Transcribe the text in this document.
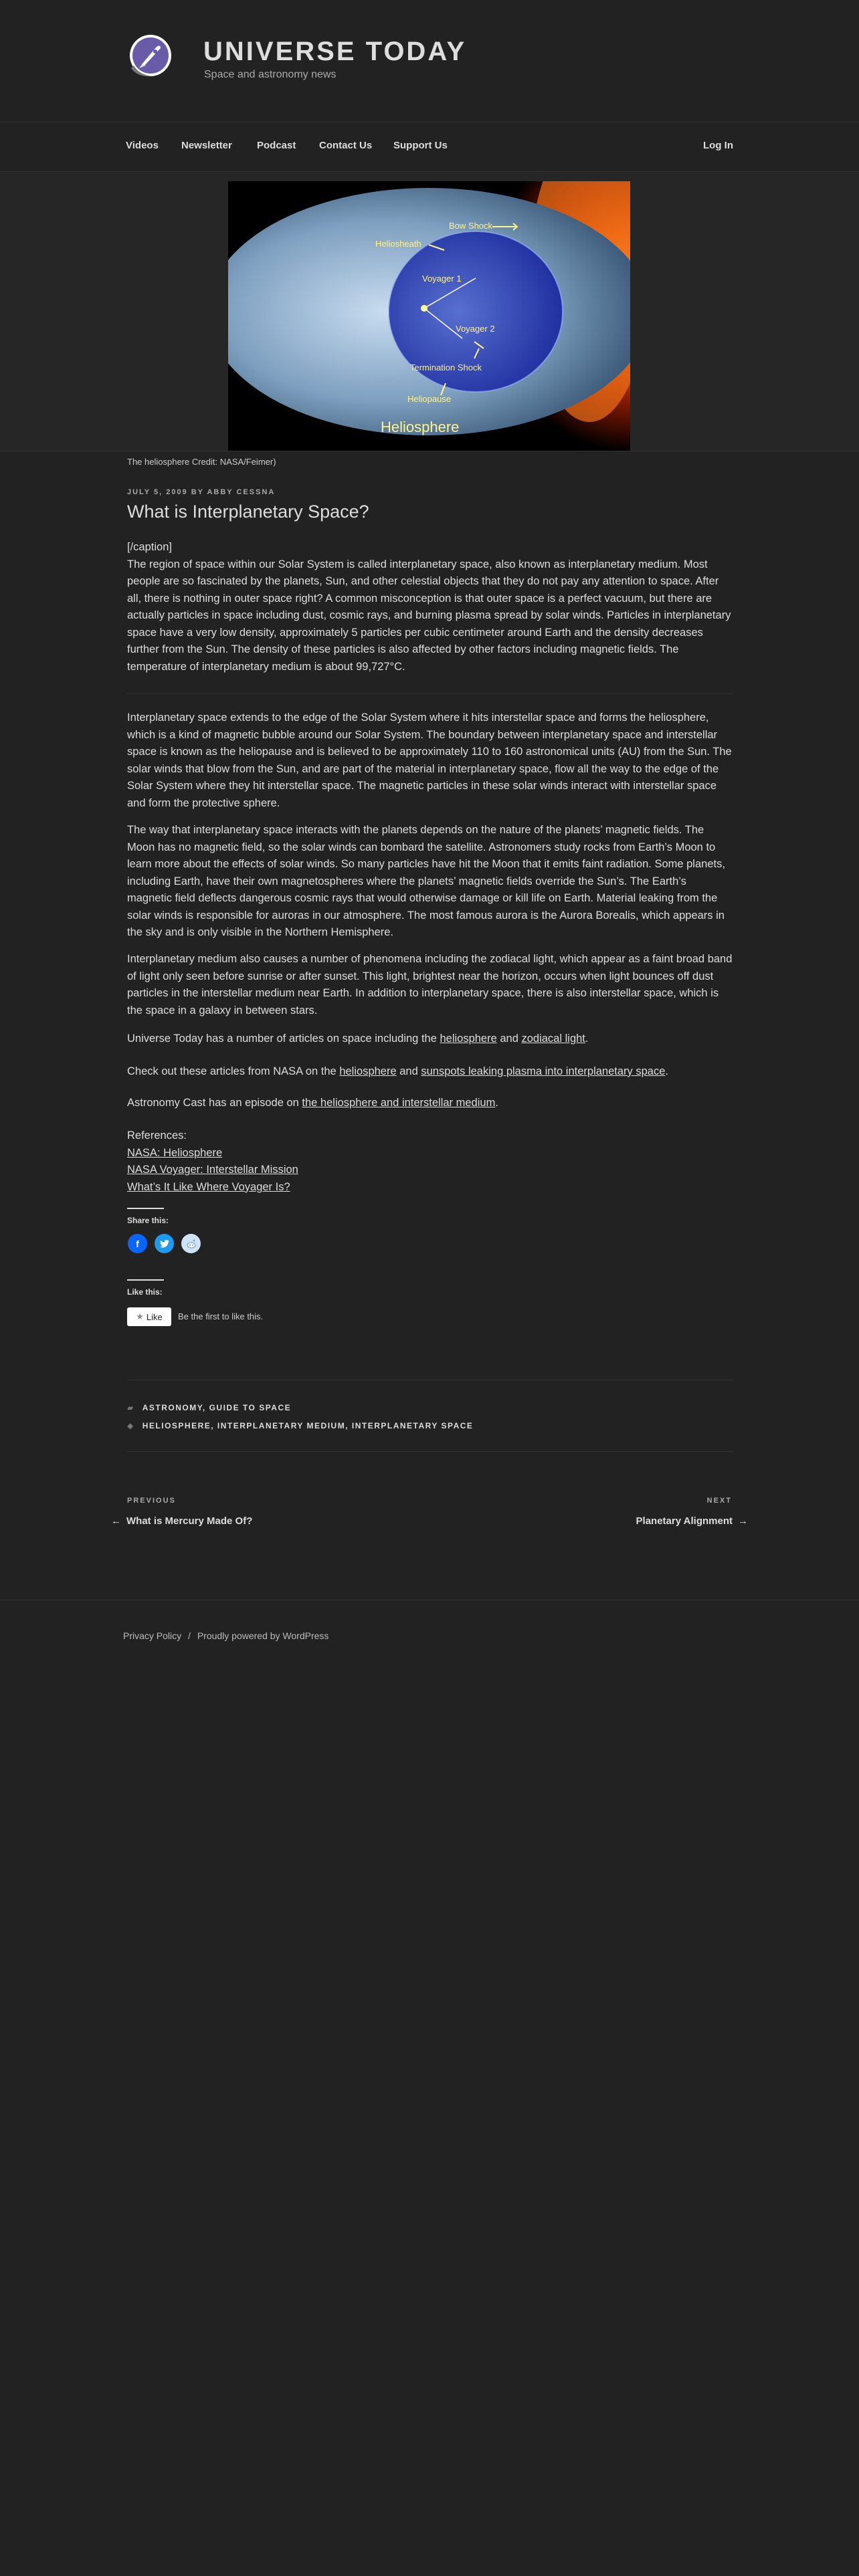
UNIVERSE TODAY
Space and astronomy news
Videos Newsletter Podcast Contact Us Support Us	Log In
Bow Shock
Heliosheath
Voyager 1
Voyager 2
Termination Shock
Heliopause
Heliosphere
The heliosphere Credit: NASA/Feimer)
JULY 5, 2009 BY ABBY CESSNA
What is Interplanetary Space?

[/caption]

The region of space within our Solar System is called interplanetary space, also known as interplanetary medium. Most people are so fascinated by the planets, Sun, and other celestial objects that they do not pay any attention to space. After all, there is nothing in outer space right? A common misconception is that outer space is a perfect vacuum, but there are actually particles in space including dust, cosmic rays, and burning plasma spread by solar winds. Particles in interplanetary space have a very low density, approximately 5 particles per cubic centimeter around Earth and the density decreases further from the Sun. The density of these particles is also affected by other factors including magnetic fields. The temperature of interplanetary medium is about 99,727°C.

Interplanetary space extends to the edge of the Solar System where it hits interstellar space and forms the heliosphere, which is a kind of magnetic bubble around our Solar System. The boundary between interplanetary space and interstellar space is known as the heliopause and is believed to be approximately 110 to 160 astronomical units (AU) from the Sun. The solar winds that blow from the Sun, and are part of the material in interplanetary space, flow all the way to the edge of the Solar System where they hit interstellar space. The magnetic particles in these solar winds interact with interstellar space and form the protective sphere.
The way that interplanetary space interacts with the planets depends on the nature of the planets’ magnetic fields. The Moon has no magnetic field, so the solar winds can bombard the satellite. Astronomers study rocks from Earth’s Moon to learn more about the effects of solar winds. So many particles have hit the Moon that it emits faint radiation. Some planets, including Earth, have their own magnetospheres where the planets’ magnetic fields override the Sun’s. The Earth’s magnetic field deflects dangerous cosmic rays that would otherwise damage or kill life on Earth. Material leaking from the solar winds is responsible for auroras in our atmosphere. The most famous aurora is the Aurora Borealis, which appears in the sky and is only visible in the Northern Hemisphere.
Interplanetary medium also causes a number of phenomena including the zodiacal light, which appear as a faint broad band of light only seen before sunrise or after sunset. This light, brightest near the horizon, occurs when light bounces off dust particles in the interstellar medium near Earth. In addition to interplanetary space, there is also interstellar space, which is the space in a galaxy in between stars.
Universe Today has a number of articles on space including the heliosphere and zodiacal light.
Check out these articles from NASA on the heliosphere and sunspots leaking plasma into interplanetary space.
Astronomy Cast has an episode on the heliosphere and interstellar medium.

References:

NASA: Heliosphere

NASA Voyager: Interstellar Mission

What’s It Like Where Voyager Is?

Share this:
f
Like this:
★ Like Be the first to like this.
▰ ASTRONOMY, GUIDE TO SPACE
◆ HELIOSPHERE, INTERPLANETARY MEDIUM, INTERPLANETARY SPACE
PREVIOUS
← What is Mercury Made Of?
NEXT
Planetary Alignment →
Privacy Policy / Proudly powered by WordPress
